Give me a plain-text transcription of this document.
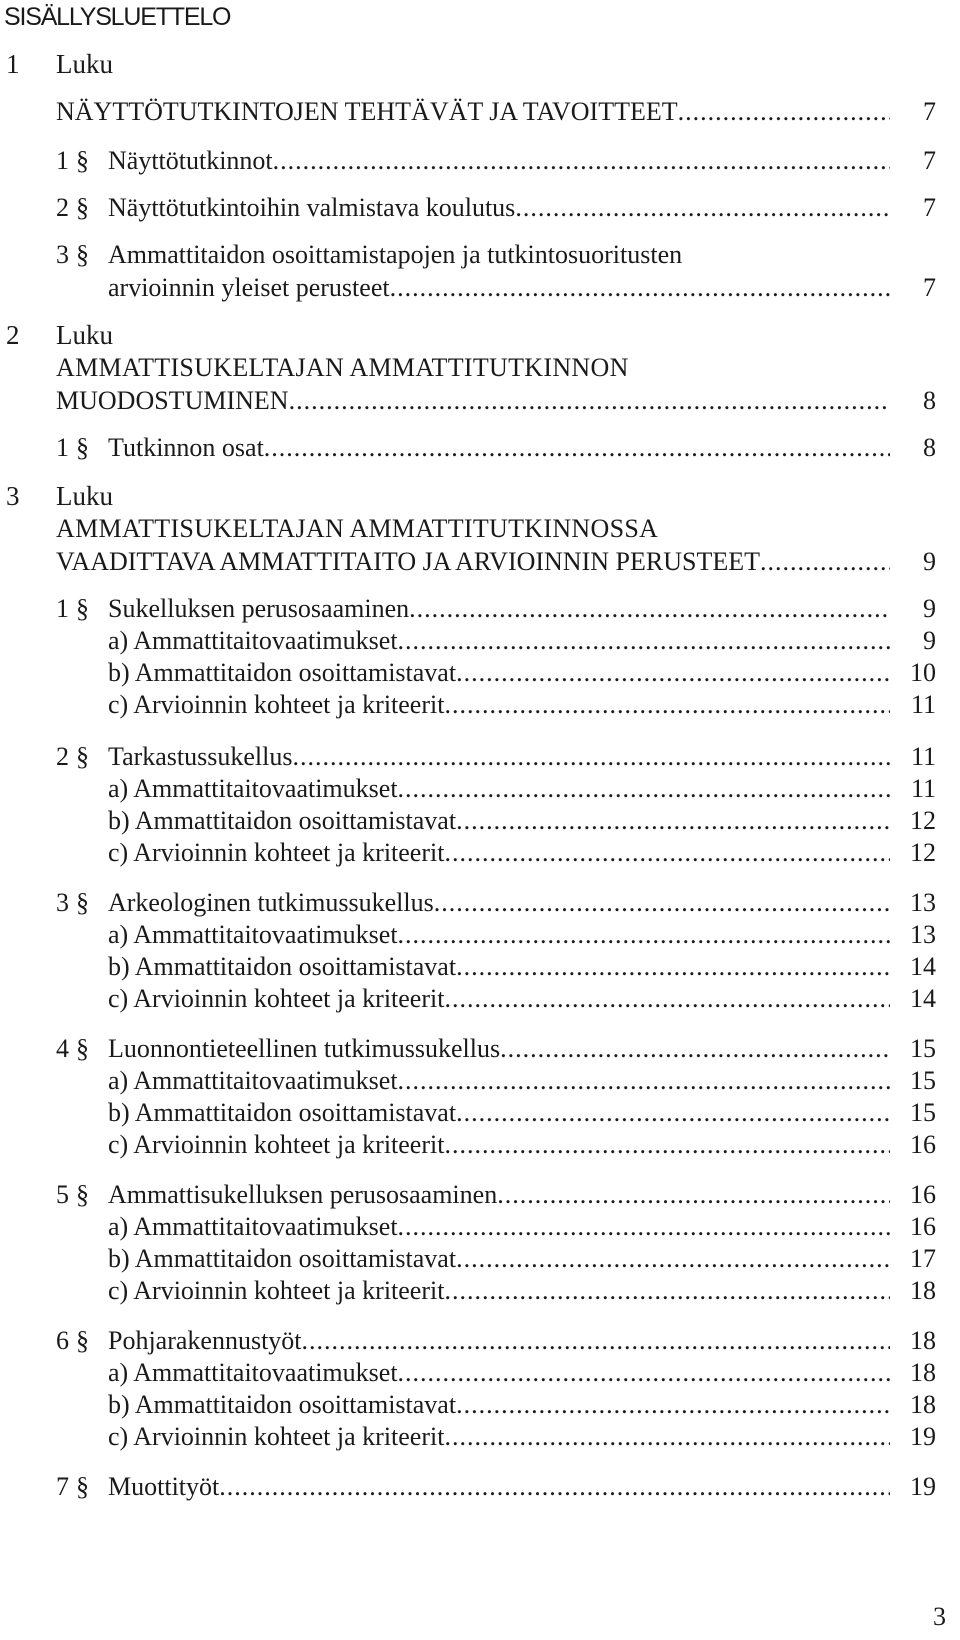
SISÄLLYSLUETTELO
1 Luku
NÄYTTÖTUTKINTOJEN TEHTÄVÄT JA TAVOITTEET .....	7
1 § Näyttötutkinnot .....	7
2 § Näyttötutkintoihin valmistava koulutus .....	7
3 § Ammattitaidon osoittamistapojen ja tutkintosuoritusten
arvioinnin yleiset perusteet .....	7
2 Luku
AMMATTISUKELTAJAN AMMATTITUTKINNON
MUODOSTUMINEN .....	8
1 § Tutkinnon osat .....	8
3 Luku
AMMATTISUKELTAJAN AMMATTITUTKINNOSSA
VAADITTAVA AMMATTITAITO JA ARVIOINNIN PERUSTEET .....	9
1 § Sukelluksen perusosaaminen .....	9
a) Ammattitaitovaatimukset .....	9
b) Ammattitaidon osoittamistavat .....	10
c) Arvioinnin kohteet ja kriteerit .....	11
2 § Tarkastussukellus .....	11
a) Ammattitaitovaatimukset .....	11
b) Ammattitaidon osoittamistavat .....	12
c) Arvioinnin kohteet ja kriteerit .....	12
3 § Arkeologinen tutkimussukellus .....	13
a) Ammattitaitovaatimukset .....	13
b) Ammattitaidon osoittamistavat .....	14
c) Arvioinnin kohteet ja kriteerit .....	14
4 § Luonnontieteellinen tutkimussukellus .....	15
a) Ammattitaitovaatimukset .....	15
b) Ammattitaidon osoittamistavat .....	15
c) Arvioinnin kohteet ja kriteerit .....	16
5 § Ammattisukelluksen perusosaaminen .....	16
a) Ammattitaitovaatimukset .....	16
b) Ammattitaidon osoittamistavat .....	17
c) Arvioinnin kohteet ja kriteerit .....	18
6 § Pohjarakennustyöt .....	18
a) Ammattitaitovaatimukset .....	18
b) Ammattitaidon osoittamistavat .....	18
c) Arvioinnin kohteet ja kriteerit .....	19
7 § Muottityöt .....	19
3
